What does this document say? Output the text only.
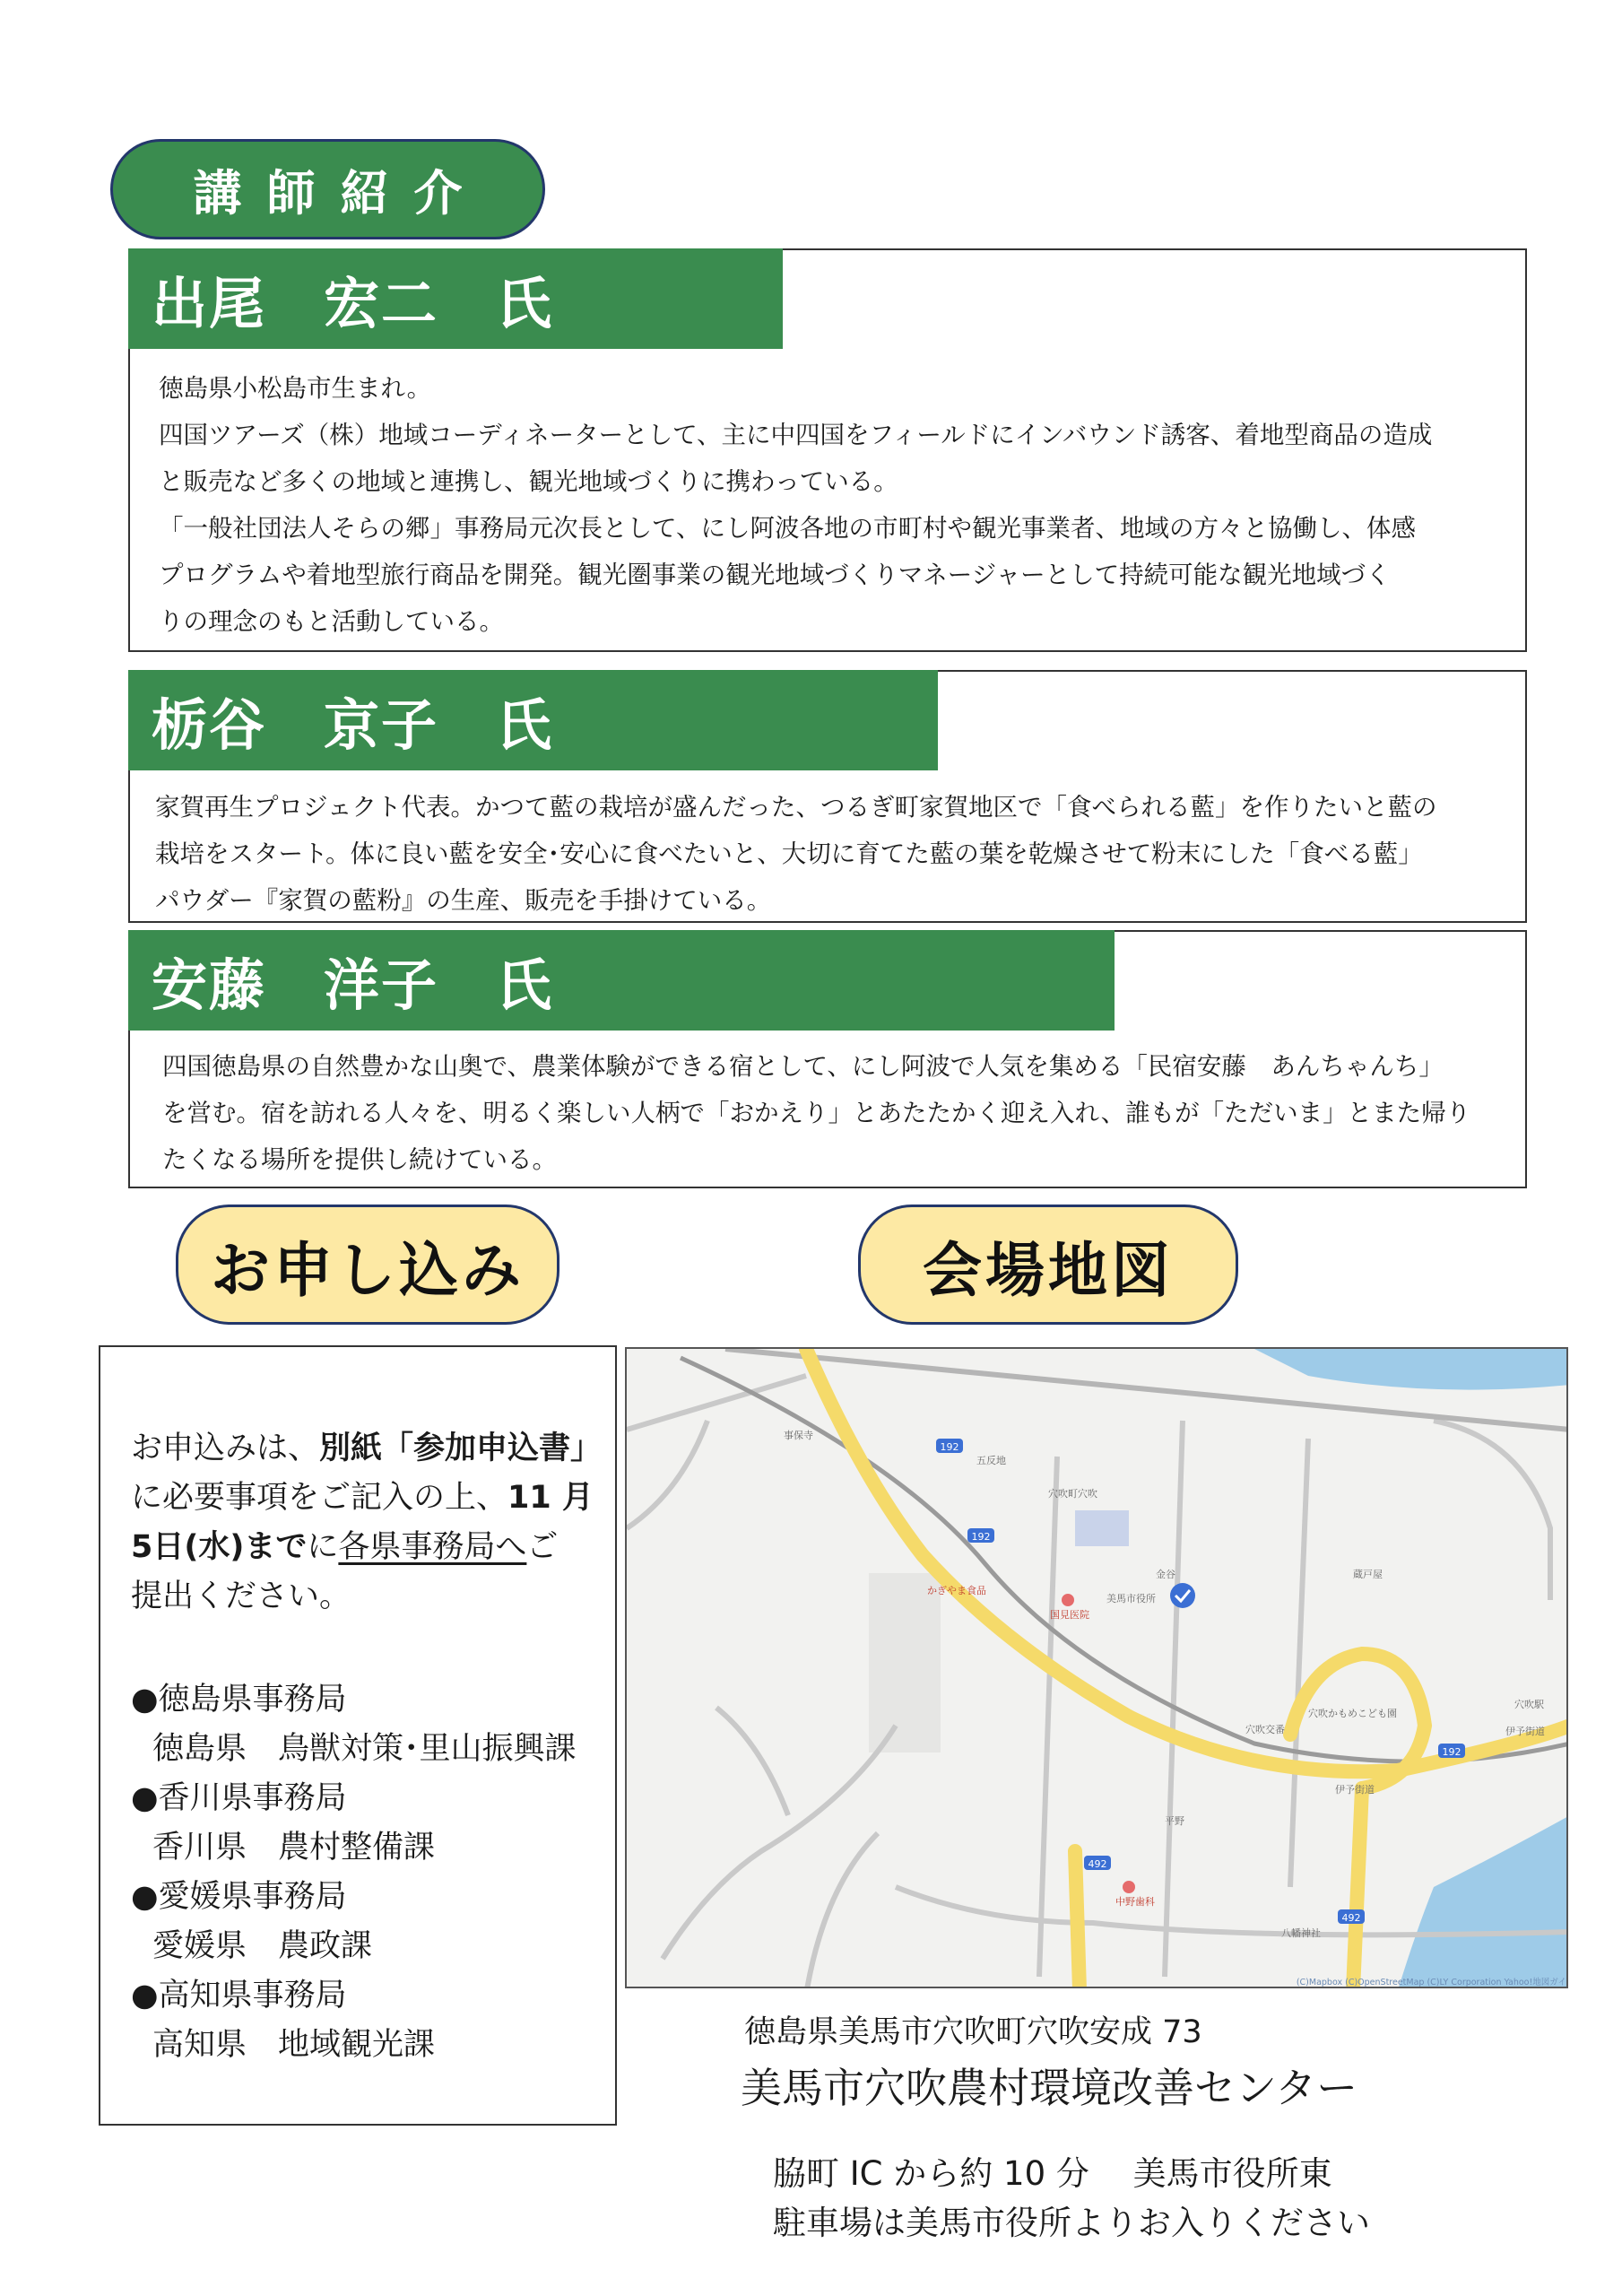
講師紹介
出尾　宏二　氏
徳島県小松島市生まれ。
四国ツアーズ（株）地域コーディネーターとして、主に中四国をフィールドにインバウンド誘客、着地型商品の造成
と販売など多くの地域と連携し、観光地域づくりに携わっている。
「一般社団法人そらの郷」事務局元次長として、にし阿波各地の市町村や観光事業者、地域の方々と協働し、体感
プログラムや着地型旅行商品を開発。観光圏事業の観光地域づくりマネージャーとして持続可能な観光地域づく
りの理念のもと活動している。
栃谷　京子　氏
家賀再生プロジェクト代表。かつて藍の栽培が盛んだった、つるぎ町家賀地区で「食べられる藍」を作りたいと藍の
栽培をスタート。体に良い藍を安全･安心に食べたいと、大切に育てた藍の葉を乾燥させて粉末にした「食べる藍」
パウダー『家賀の藍粉』の生産、販売を手掛けている。
安藤　洋子　氏
四国徳島県の自然豊かな山奥で、農業体験ができる宿として、にし阿波で人気を集める「民宿安藤　あんちゃんち」
を営む。宿を訪れる人々を、明るく楽しい人柄で「おかえり」とあたたかく迎え入れ、誰もが「ただいま」とまた帰り
たくなる場所を提供し続けている。
お申し込み	会場地図
お申込みは、別紙「参加申込書」
に必要事項をご記入の上、11 月
5日(水)までに各県事務局へご
提出ください。
●徳島県事務局
徳島県　鳥獣対策･里山振興課
●香川県事務局
香川県　農村整備課
●愛媛県事務局
愛媛県　農政課
●高知県事務局
高知県　地域観光課
192
192
192
492
492
事保寺
五反地
穴吹町穴吹
かぎやま食品
美馬市役所
国見医院
金谷	蔵戸屋
穴吹かもめこども園
穴吹交番
穴吹駅
伊予街道
伊予街道
平野
中野歯科
八幡神社
(C)Mapbox (C)OpenStreetMap (C)LY Corporation Yahoo!地図ガイ
徳島県美馬市穴吹町穴吹安成 73
美馬市穴吹農村環境改善センター
脇町 IC から約 10 分　 美馬市役所東
駐車場は美馬市役所よりお入りください
